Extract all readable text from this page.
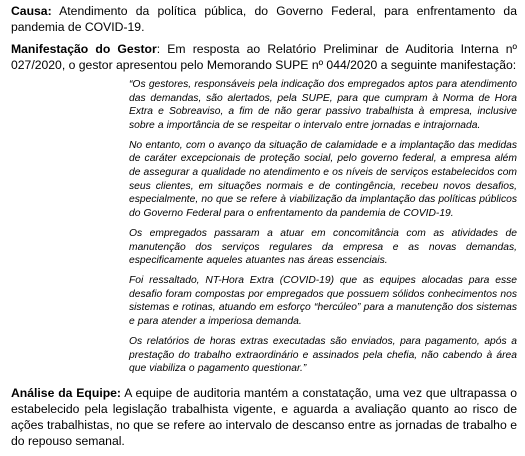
Causa: Atendimento da política pública, do Governo Federal, para enfrentamento da pandemia de COVID-19.

Manifestação do Gestor: Em resposta ao Relatório Preliminar de Auditoria Interna nº 027/2020, o gestor apresentou pelo Memorando SUPE nº 044/2020 a seguinte manifestação:

“Os gestores, responsáveis pela indicação dos empregados aptos para atendimento das demandas, são alertados, pela SUPE, para que cumpram à Norma de Hora Extra e Sobreaviso, a fim de não gerar passivo trabalhista à empresa, inclusive sobre a importância de se respeitar o intervalo entre jornadas e intrajornada.

No entanto, com o avanço da situação de calamidade e a implantação das medidas de caráter excepcionais de proteção social, pelo governo federal, a empresa além de assegurar a qualidade no atendimento e os níveis de serviços estabelecidos com seus clientes, em situações normais e de contingência, recebeu novos desafios, especialmente, no que se refere à viabilização da implantação das políticas públicos do Governo Federal para o enfrentamento da pandemia de COVID-19.

Os empregados passaram a atuar em concomitância com as atividades de manutenção dos serviços regulares da empresa e as novas demandas, especificamente aqueles atuantes nas áreas essenciais.

Foi ressaltado, NT-Hora Extra (COVID-19) que as equipes alocadas para esse desafio foram compostas por empregados que possuem sólidos conhecimentos nos sistemas e rotinas, atuando em esforço “hercúleo” para a manutenção dos sistemas e para atender a imperiosa demanda.

Os relatórios de horas extras executadas são enviados, para pagamento, após a prestação do trabalho extraordinário e assinados pela chefia, não cabendo à área que viabiliza o pagamento questionar.”

Análise da Equipe: A equipe de auditoria mantém a constatação, uma vez que ultrapassa o estabelecido pela legislação trabalhista vigente, e aguarda a avaliação quanto ao risco de ações trabalhistas, no que se refere ao intervalo de descanso entre as jornadas de trabalho e do repouso semanal.
